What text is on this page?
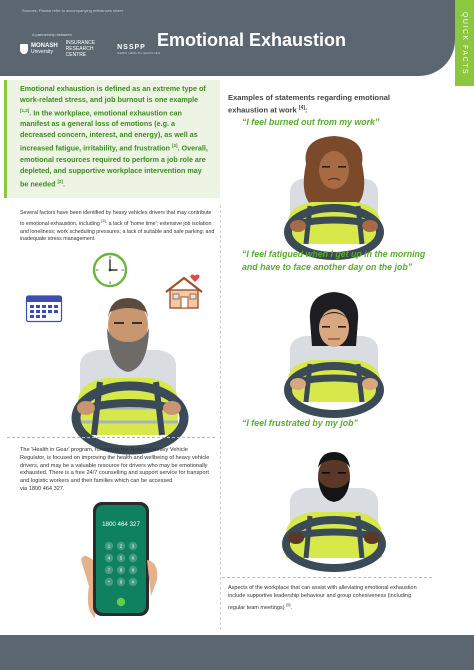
A partnership between
MONASH
University
INSURANCE
RESEARCH
CENTRE
NSSPP
NEWS HEALTH SERVICES
Emotional Exhaustion	QUICK FACTS
Emotional exhaustion is defined as an extreme type of work-related stress, and job burnout is one example [1,2]. In the workplace, emotional exhaustion can manifest as a general loss of emotions (e.g. a decreased concern, interest, and energy), as well as increased fatigue, irritability, and frustration [2]. Overall, emotional resources required to perform a job role are depleted, and supportive workplace intervention may be needed [2].
Several factors have been identified by heavy vehicles drivers that may contribute to emotional exhaustion, including [3]: a lack of 'home time'; extensive job isolation and loneliness; work scheduling pressures; a lack of suitable and safe parking; and inadequate stress management.
The 'Health in Gear' program, funded by the National Heavy Vehicle Regulator, is focused on improving the health and wellbeing of heavy vehicle drivers, and may be a valuable resource for drivers who may be emotionally exhausted. There is a free 24/7 counselling and support service for transport and logistic workers and their families which can be accessed
via 1800 464 327.
1800 464 327
1 2 3
4 5 6
7 8 9
* 0 #
Examples of statements regarding emotional exhaustion at work [4]:
“I feel burned out from my work”
“I feel fatigued when I get up in the morning and have to face another day on the job”
“I feel frustrated by my job”
Aspects of the workplace that can assist with alleviating emotional exhaustion include supportive leadership behaviour and group cohesiveness (including regular team meetings) [5].
Sources: Please refer to accompanying references sheet
